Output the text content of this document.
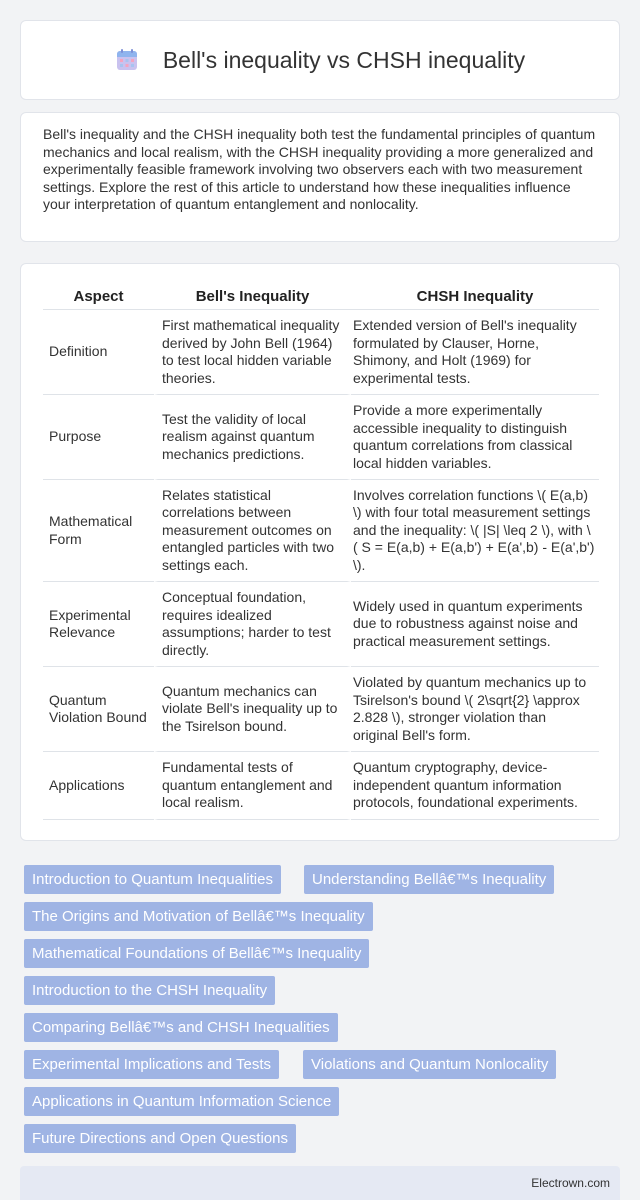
Bell's inequality vs CHSH inequality

Bell's inequality and the CHSH inequality both test the fundamental principles of quantum mechanics and local realism, with the CHSH inequality providing a more generalized and experimentally feasible framework involving two observers each with two measurement settings. Explore the rest of this article to understand how these inequalities influence your interpretation of quantum entanglement and nonlocality.

Aspect	Bell's Inequality	CHSH Inequality
Definition	First mathematical inequality derived by John Bell (1964) to test local hidden variable theories.	Extended version of Bell's inequality formulated by Clauser, Horne, Shimony, and Holt (1969) for experimental tests.
Purpose	Test the validity of local realism against quantum mechanics predictions.	Provide a more experimentally accessible inequality to distinguish quantum correlations from classical local hidden variables.
Mathematical Form	Relates statistical correlations between measurement outcomes on entangled particles with two settings each.	Involves correlation functions \( E(a,b) \) with four total measurement settings and the inequality: \( |S| \leq 2 \), with \( S = E(a,b) + E(a,b') + E(a',b) - E(a',b') \).
Experimental Relevance	Conceptual foundation, requires idealized assumptions; harder to test directly.	Widely used in quantum experiments due to robustness against noise and practical measurement settings.
Quantum Violation Bound	Quantum mechanics can violate Bell's inequality up to the Tsirelson bound.	Violated by quantum mechanics up to Tsirelson's bound \( 2\sqrt{2} \approx 2.828 \), stronger violation than original Bell's form.
Applications	Fundamental tests of quantum entanglement and local realism.	Quantum cryptography, device-independent quantum information protocols, foundational experiments.
Introduction to Quantum Inequalities	Understanding Bellâ€™s Inequality
The Origins and Motivation of Bellâ€™s Inequality
Mathematical Foundations of Bellâ€™s Inequality
Introduction to the CHSH Inequality
Comparing Bellâ€™s and CHSH Inequalities
Experimental Implications and Tests	Violations and Quantum Nonlocality
Applications in Quantum Information Science
Future Directions and Open Questions
Electrown.com
